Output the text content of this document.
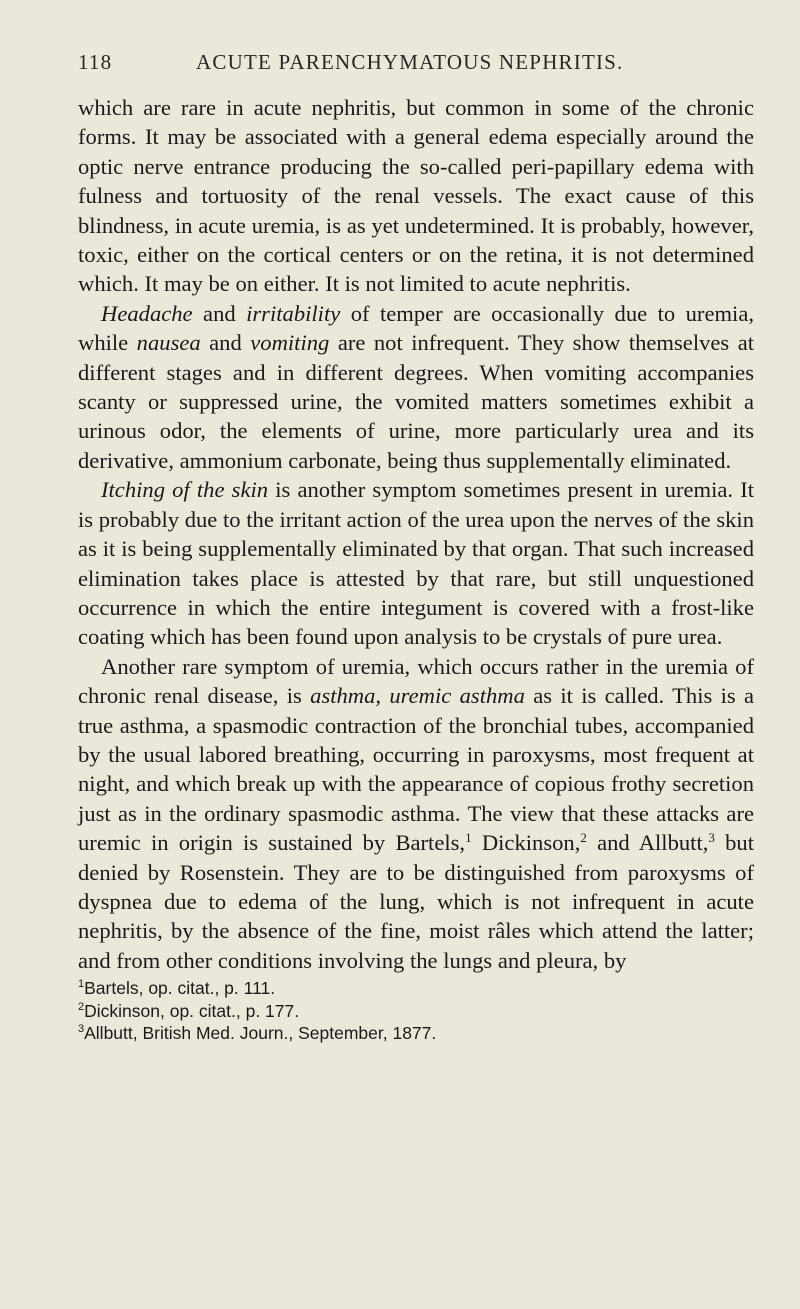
118	ACUTE PARENCHYMATOUS NEPHRITIS.

which are rare in acute nephritis, but common in some of the chronic forms. It may be associated with a general edema especially around the optic nerve entrance producing the so-called peri-papillary edema with fulness and tortuosity of the renal vessels. The exact cause of this blindness, in acute uremia, is as yet undetermined. It is probably, however, toxic, either on the cortical centers or on the retina, it is not determined which. It may be on either. It is not limited to acute nephritis.

Headache and irritability of temper are occasionally due to uremia, while nausea and vomiting are not infrequent. They show themselves at different stages and in different degrees. When vomiting accompanies scanty or suppressed urine, the vomited matters sometimes exhibit a urinous odor, the elements of urine, more particularly urea and its derivative, ammonium carbonate, being thus supplementally eliminated.

Itching of the skin is another symptom sometimes present in uremia. It is probably due to the irritant action of the urea upon the nerves of the skin as it is being supplementally eliminated by that organ. That such increased elimination takes place is attested by that rare, but still unquestioned occurrence in which the entire integument is covered with a frost-like coating which has been found upon analysis to be crystals of pure urea.

Another rare symptom of uremia, which occurs rather in the uremia of chronic renal disease, is asthma, uremic asthma as it is called. This is a true asthma, a spasmodic contraction of the bronchial tubes, accompanied by the usual labored breathing, occurring in paroxysms, most frequent at night, and which break up with the appearance of copious frothy secretion just as in the ordinary spasmodic asthma. The view that these attacks are uremic in origin is sustained by Bartels,$^1$ Dickinson,$^2$ and Allbutt,$^3$ but denied by Rosenstein. They are to be distinguished from paroxysms of dyspnea due to edema of the lung, which is not infrequent in acute nephritis, by the absence of the fine, moist râles which attend the latter; and from other conditions involving the lungs and pleura, by

$^1$Bartels, op. citat., p. 111.
$^2$Dickinson, op. citat., p. 177.
$^3$Allbutt, British Med. Journ., September, 1877.
